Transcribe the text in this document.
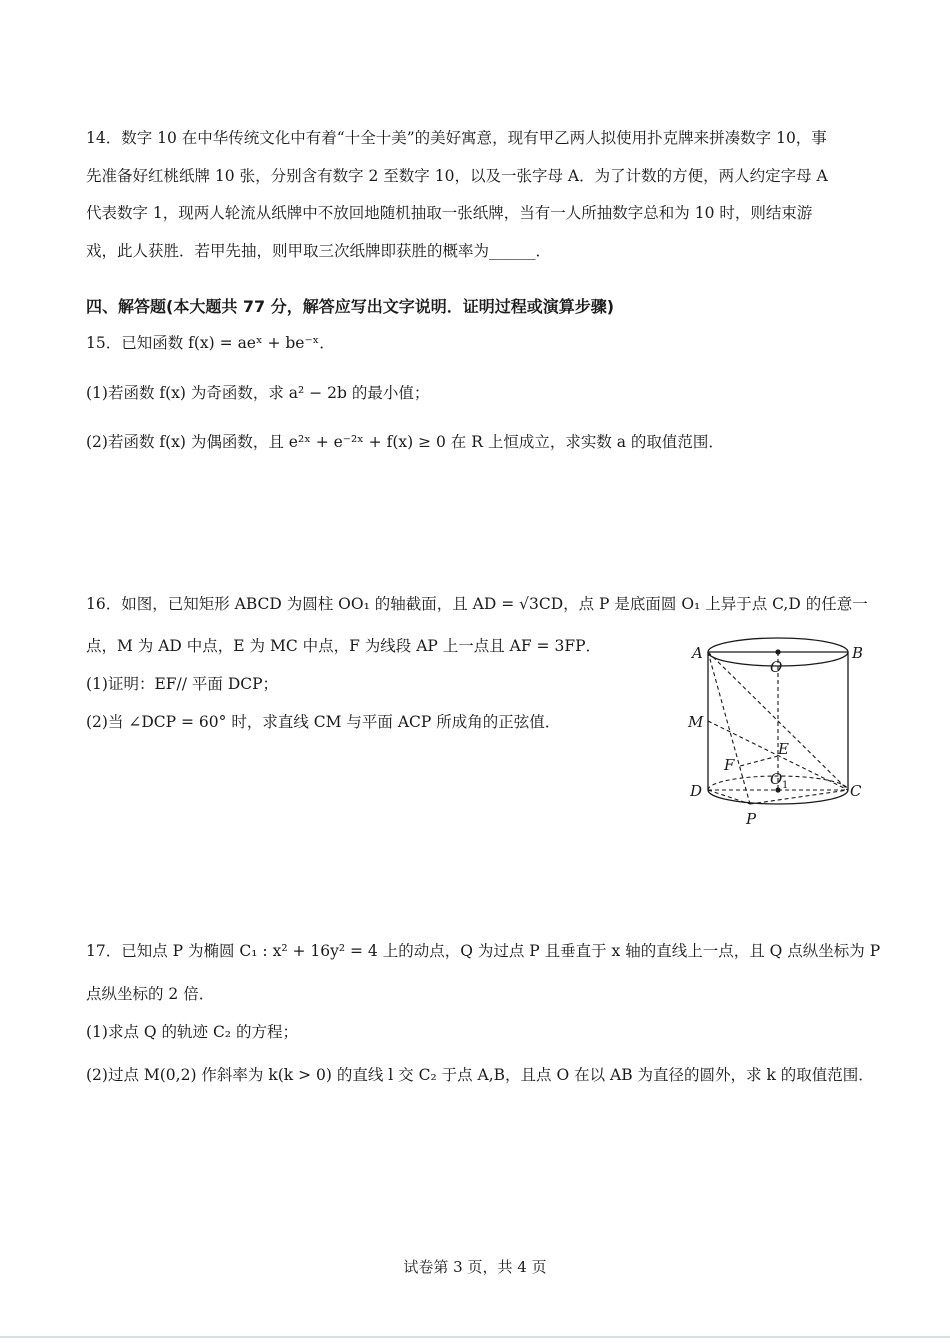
14．数字 10 在中华传统文化中有着“十全十美”的美好寓意，现有甲乙两人拟使用扑克牌来拼凑数字 10，事
先准备好红桃纸牌 10 张，分别含有数字 2 至数字 10，以及一张字母 A．为了计数的方便，两人约定字母 A
代表数字 1，现两人轮流从纸牌中不放回地随机抽取一张纸牌，当有一人所抽数字总和为 10 时，则结束游
戏，此人获胜．若甲先抽，则甲取三次纸牌即获胜的概率为______．
四、解答题(本大题共 77 分，解答应写出文字说明．证明过程或演算步骤)
15．已知函数 f(x) = aeˣ + be⁻ˣ．
(1)若函数 f(x) 为奇函数，求 a² − 2b 的最小值；
(2)若函数 f(x) 为偶函数，且 e²ˣ + e⁻²ˣ + f(x) ≥ 0 在 R 上恒成立，求实数 a 的取值范围．
16．如图，已知矩形 ABCD 为圆柱 OO₁ 的轴截面，且 AD = √3CD，点 P 是底面圆 O₁ 上异于点 C,D 的任意一
点，M 为 AD 中点，E 为 MC 中点，F 为线段 AP 上一点且 AF = 3FP．
(1)证明：EF// 平面 DCP；
(2)当 ∠DCP = 60° 时，求直线 CM 与平面 ACP 所成角的正弦值．
A	B
O
M
E
F
O 1
D	C
P
17．已知点 P 为椭圆 C₁ : x² + 16y² = 4 上的动点，Q 为过点 P 且垂直于 x 轴的直线上一点，且 Q 点纵坐标为 P
点纵坐标的 2 倍．
(1)求点 Q 的轨迹 C₂ 的方程；
(2)过点 M(0,2) 作斜率为 k(k > 0) 的直线 l 交 C₂ 于点 A,B，且点 O 在以 AB 为直径的圆外，求 k 的取值范围．
试卷第 3 页，共 4 页
